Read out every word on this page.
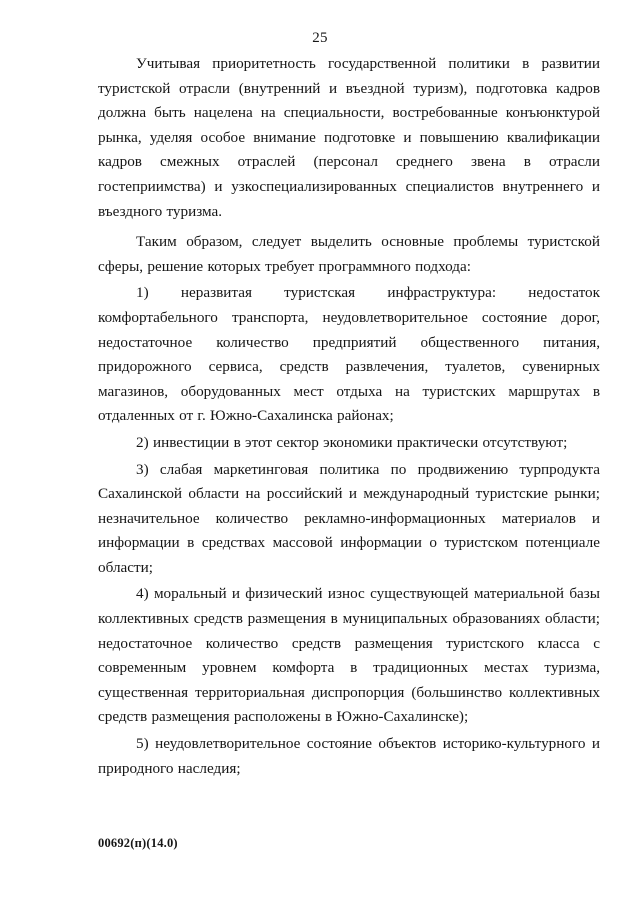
25

Учитывая приоритетность государственной политики в развитии туристской отрасли (внутренний и въездной туризм), подготовка кадров должна быть нацелена на специальности, востребованные конъюнктурой рынка, уделяя особое внимание подготовке и повышению квалификации кадров смежных отраслей (персонал среднего звена в отрасли гостеприимства) и узкоспециализированных специалистов внутреннего и въездного туризма.

Таким образом, следует выделить основные проблемы туристской сферы, решение которых требует программного подхода:

1) неразвитая туристская инфраструктура: недостаток комфортабельного транспорта, неудовлетворительное состояние дорог, недостаточное количество предприятий общественного питания, придорожного сервиса, средств развлечения, туалетов, сувенирных магазинов, оборудованных мест отдыха на туристских маршрутах в отдаленных от г. Южно-Сахалинска районах;

2) инвестиции в этот сектор экономики практически отсутствуют;

3) слабая маркетинговая политика по продвижению турпродукта Сахалинской области на российский и международный туристские рынки; незначительное количество рекламно-информационных материалов и информации в средствах массовой информации о туристском потенциале области;

4) моральный и физический износ существующей материальной базы коллективных средств размещения в муниципальных образованиях области; недостаточное количество средств размещения туристского класса с современным уровнем комфорта в традиционных местах туризма, существенная территориальная диспропорция (большинство коллективных средств размещения расположены в Южно-Сахалинске);

5) неудовлетворительное состояние объектов историко-культурного и природного наследия;

00692(п)(14.0)
